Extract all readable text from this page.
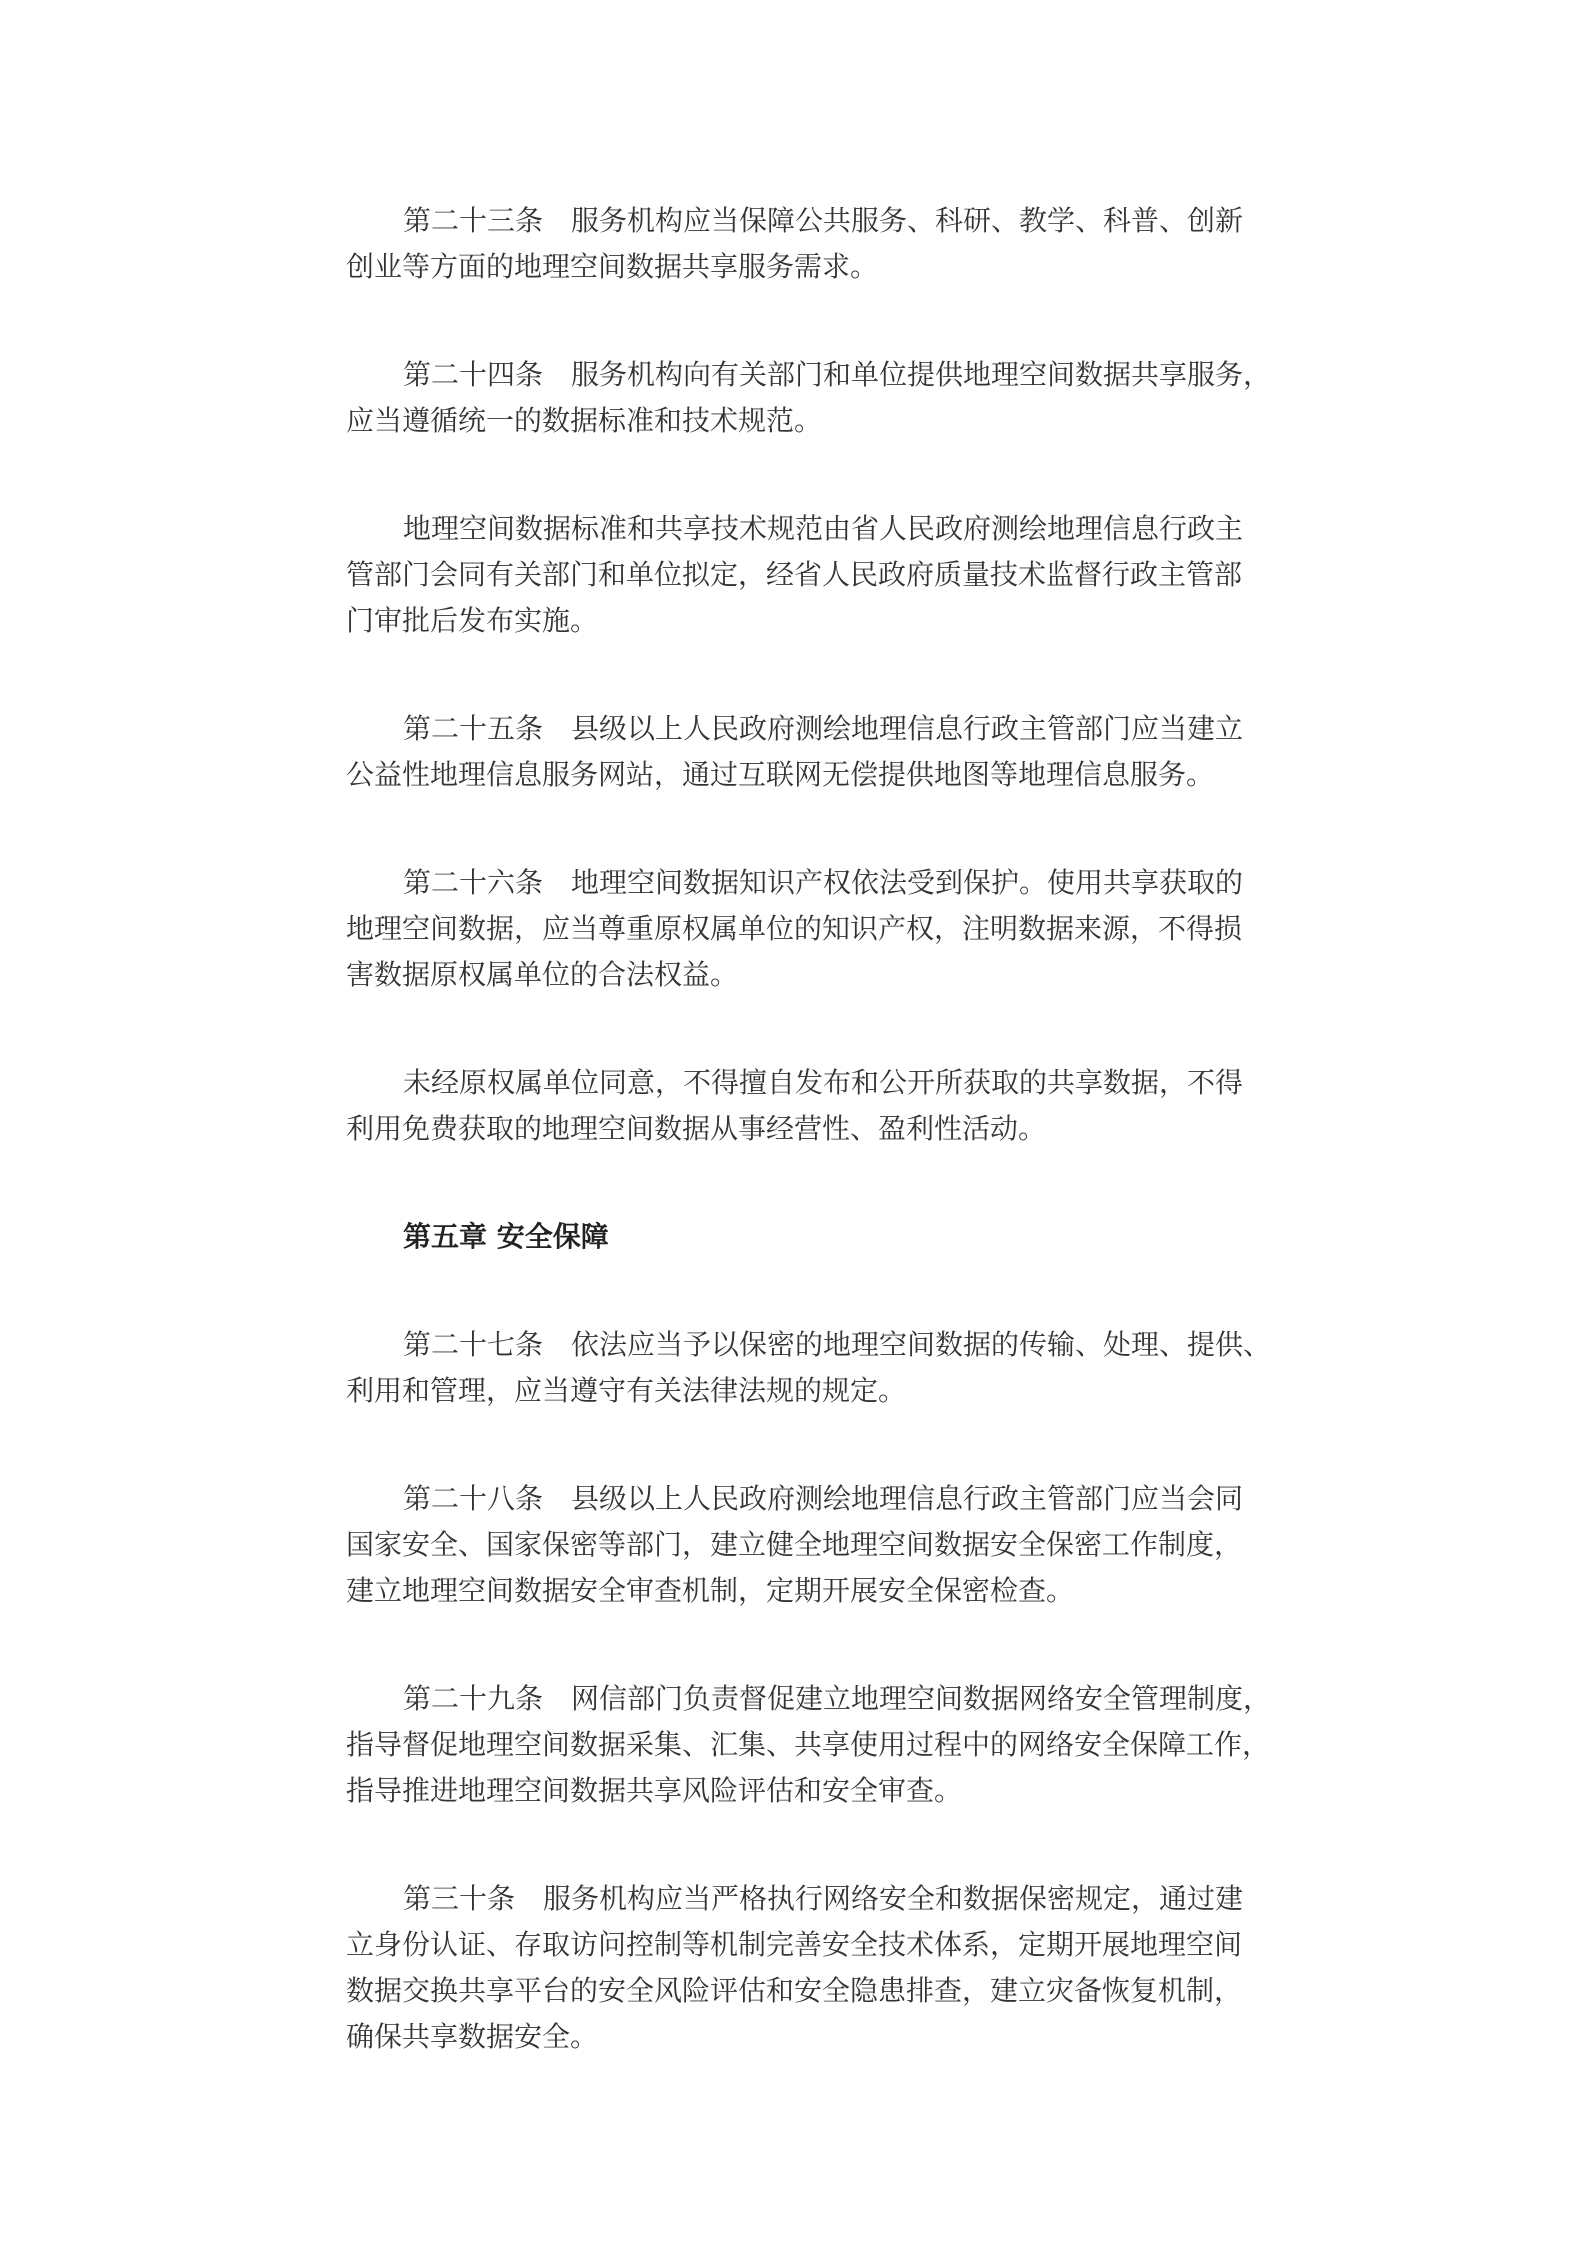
第二十三条　服务机构应当保障公共服务、科研、教学、科普、创新
创业等方面的地理空间数据共享服务需求。
第二十四条　服务机构向有关部门和单位提供地理空间数据共享服务，
应当遵循统一的数据标准和技术规范。
地理空间数据标准和共享技术规范由省人民政府测绘地理信息行政主
管部门会同有关部门和单位拟定，经省人民政府质量技术监督行政主管部
门审批后发布实施。
第二十五条　县级以上人民政府测绘地理信息行政主管部门应当建立
公益性地理信息服务网站，通过互联网无偿提供地图等地理信息服务。
第二十六条　地理空间数据知识产权依法受到保护。使用共享获取的
地理空间数据，应当尊重原权属单位的知识产权，注明数据来源，不得损
害数据原权属单位的合法权益。
未经原权属单位同意，不得擅自发布和公开所获取的共享数据，不得
利用免费获取的地理空间数据从事经营性、盈利性活动。
第五章 安全保障
第二十七条　依法应当予以保密的地理空间数据的传输、处理、提供、
利用和管理，应当遵守有关法律法规的规定。
第二十八条　县级以上人民政府测绘地理信息行政主管部门应当会同
国家安全、国家保密等部门，建立健全地理空间数据安全保密工作制度，
建立地理空间数据安全审查机制，定期开展安全保密检查。
第二十九条　网信部门负责督促建立地理空间数据网络安全管理制度，
指导督促地理空间数据采集、汇集、共享使用过程中的网络安全保障工作，
指导推进地理空间数据共享风险评估和安全审查。
第三十条　服务机构应当严格执行网络安全和数据保密规定，通过建
立身份认证、存取访问控制等机制完善安全技术体系，定期开展地理空间
数据交换共享平台的安全风险评估和安全隐患排查，建立灾备恢复机制，
确保共享数据安全。
